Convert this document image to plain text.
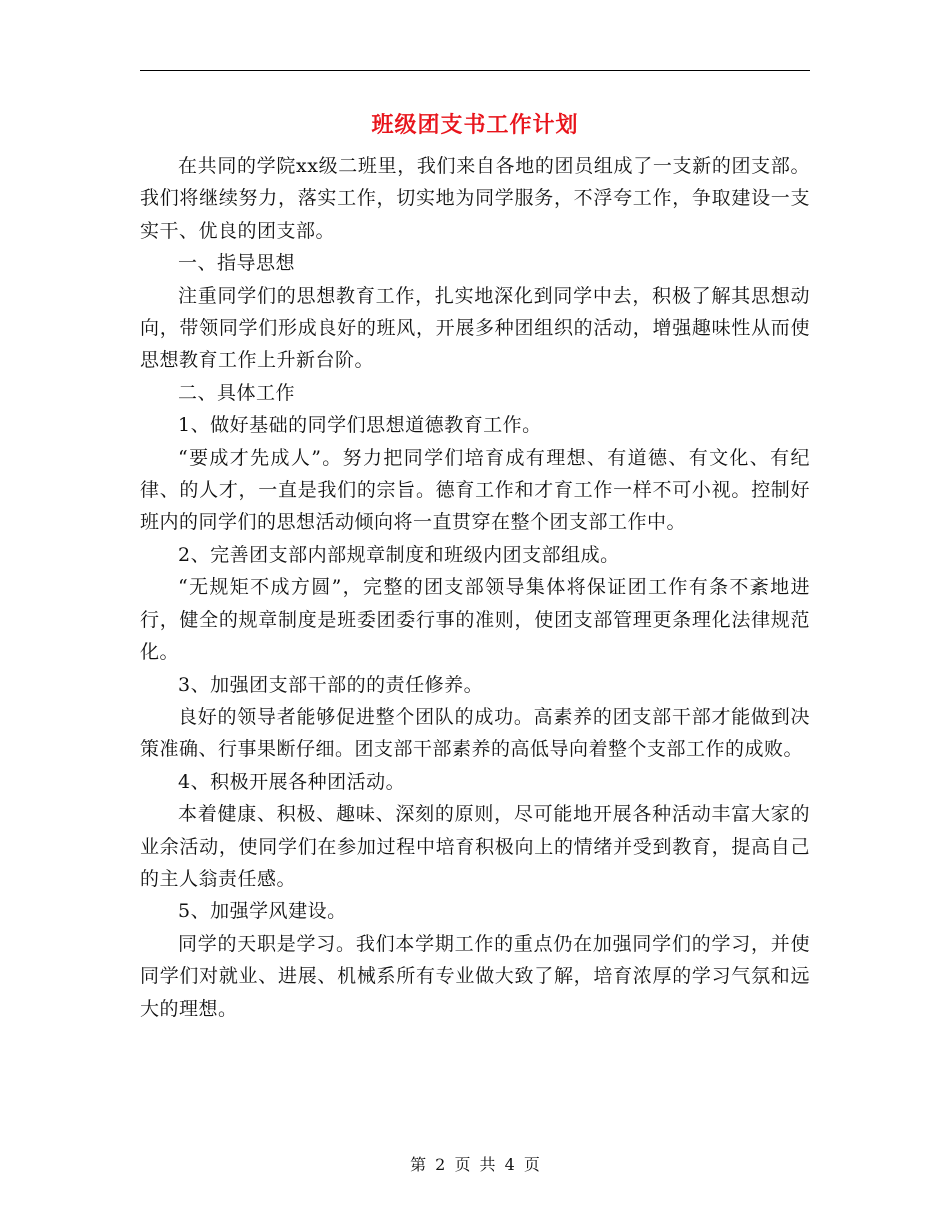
班级团支书工作计划

在共同的学院xx级二班里，我们来自各地的团员组成了一支新的团支部。我们将继续努力，落实工作，切实地为同学服务，不浮夸工作，争取建设一支实干、优良的团支部。

一、指导思想

注重同学们的思想教育工作，扎实地深化到同学中去，积极了解其思想动向，带领同学们形成良好的班风，开展多种团组织的活动，增强趣味性从而使思想教育工作上升新台阶。

二、具体工作

1、做好基础的同学们思想道德教育工作。

“要成才先成人”。努力把同学们培育成有理想、有道德、有文化、有纪律、的人才，一直是我们的宗旨。德育工作和才育工作一样不可小视。控制好班内的同学们的思想活动倾向将一直贯穿在整个团支部工作中。

2、完善团支部内部规章制度和班级内团支部组成。

“无规矩不成方圆”，完整的团支部领导集体将保证团工作有条不紊地进行，健全的规章制度是班委团委行事的准则，使团支部管理更条理化法律规范化。

3、加强团支部干部的的责任修养。

良好的领导者能够促进整个团队的成功。高素养的团支部干部才能做到决策准确、行事果断仔细。团支部干部素养的高低导向着整个支部工作的成败。

4、积极开展各种团活动。

本着健康、积极、趣味、深刻的原则，尽可能地开展各种活动丰富大家的业余活动，使同学们在参加过程中培育积极向上的情绪并受到教育，提高自己的主人翁责任感。

5、加强学风建设。

同学的天职是学习。我们本学期工作的重点仍在加强同学们的学习，并使同学们对就业、进展、机械系所有专业做大致了解，培育浓厚的学习气氛和远大的理想。

第 2 页 共 4 页
